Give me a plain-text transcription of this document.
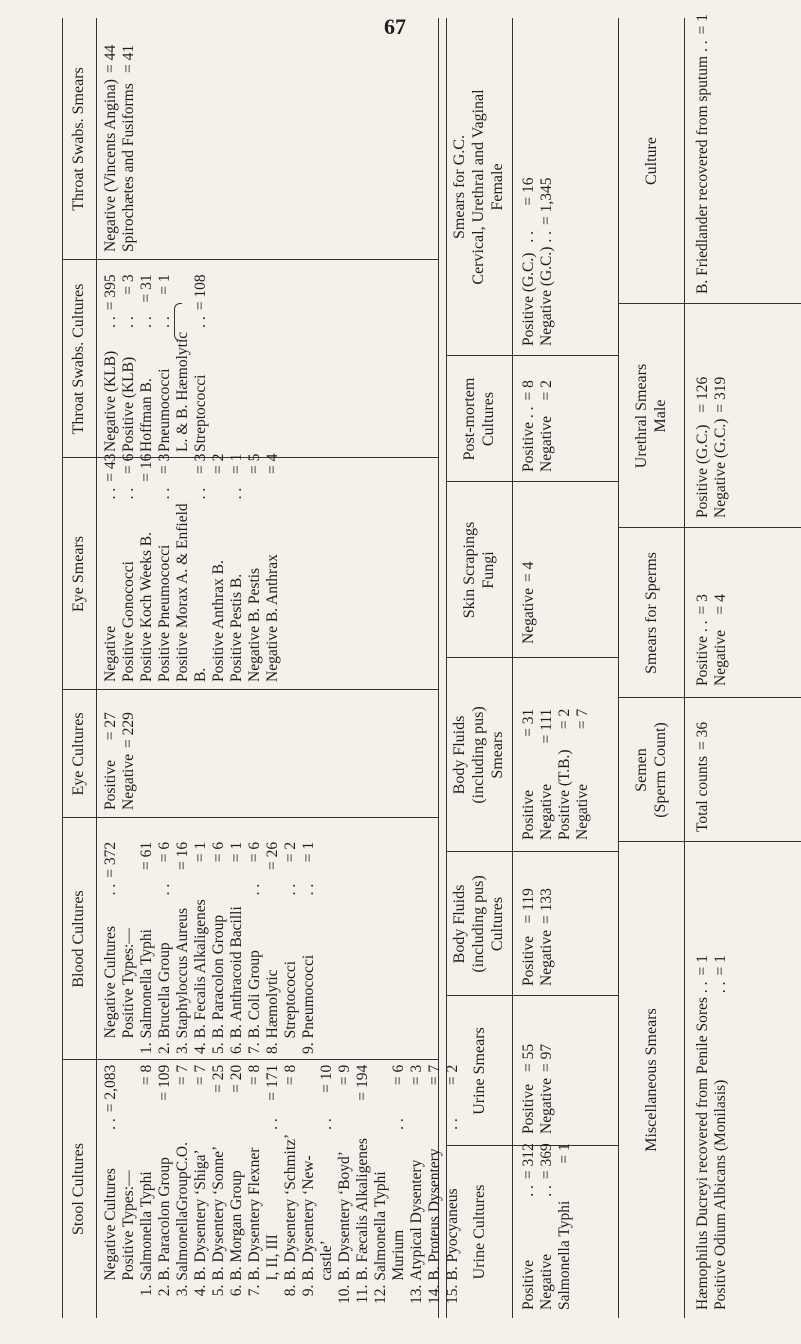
67
Stool Cultures
	Negative Cultures	. .	= 2,083
	Positive Types:—		
1.	Salmonella Typhi		= 8
2.	B. Paracolon Group		= 109
3.	SalmonellaGroupC.O.		= 7
4.	B. Dysentery ‘Shiga’		= 7
5.	B. Dysentery ‘Sonne’		= 25
6.	B. Morgan Group		= 20
7.	B. Dysentery Flexner		= 8
	I, II, III	. .	= 171
8.	B. Dysentery ‘Schmitz’		= 8
9.	B. Dysentery ‘New-		
	castle’	. .	= 10
10.	B. Dysentery ‘Boyd’		= 9
11.	B. Fæcalis Alkaligenes		= 194
12.	Salmonella Typhi		
	Murium	. .	= 6
13.	Atypical Dysentery		= 3
14.	B. Proteus Dysentery		= 7
15.	B. Pyocyaneus	. .	= 2
Blood Cultures
	Negative Cultures	. .	= 372
	Positive Types:—		
1.	Salmonella Typhi		= 61
2.	Brucella Group	. .	= 6
3.	Staphyloccus Aureus		= 16
4.	B. Fecalis Alkaligenes		= 1
5.	B. Paracolon Group		= 6
6.	B. Anthracoid Bacilli		= 1
7.	B. Coli Group	. .	= 6
8.	Hæmolytic		= 26
	Streptococci	. .	= 2
9.	Pneumococci	. .	= 1
Eye Cultures Positive	= 27
Negative	= 229
Eye Smears
Negative	. .	= 43
Positive Gonococci	. .	= 6
Positive Koch Weeks B.		= 16
Positive Pneumococci	. .	= 3
Positive Morax A. & Enfield		
B.	. .	= 3
Positive Anthrax B.		= 2
Positive Pestis B.	. .	= 1
Negative B. Pestis		= 5
Negative B. Anthrax		= 4
Throat Swabs. Cultures Negative (KLB)	. .	= 395
Positive (KLB)	. .	= 3
Hoffman B.	. .	= 31
Pneumococci	. .	= 1
L. & B. Hæmolytic		
Streptococci	. .	= 108
Throat Swabs. Smears Negative (Vincents Angina)	= 44
Spirochætes and Fusiforms	= 41
Urine Cultures
Positive	. .	= 312
Negative	. .	= 369
Salmonella Typhi		= 1
Urine Smears Positive	= 55
Negative	= 97
Body Fluids (including pus) Cultures
Positive	= 119
Negative	= 133
Body Fluids (including pus) Smears
Positive	= 31
Negative	= 111
Positive (T.B.)	= 2
Negative	= 7
Skin Scrapings Fungi
Negative	= 4
Post-mortem Cultures Positive . .	= 8
Negative	= 2
Smears for G.C. Cervical, Urethral and Vaginal Female
Positive (G.C.)	. .	= 16
Negative (G.C.)	. .	= 1,345
Miscellaneous Smears Hæmophilus Ducreyi recovered from Penile Sores	. .	= 1
Positive Odium Albicans (Monilasis)	. .	= 1
Semen (Sperm Count) Total counts	= 36
Smears for Sperms Positive . .	= 3
Negative	= 4
Urethral Smears Male
Positive (G.C.)	= 126
Negative (G.C.)	= 319
Culture B. Friedlander recovered from sputum	. .	= 1
